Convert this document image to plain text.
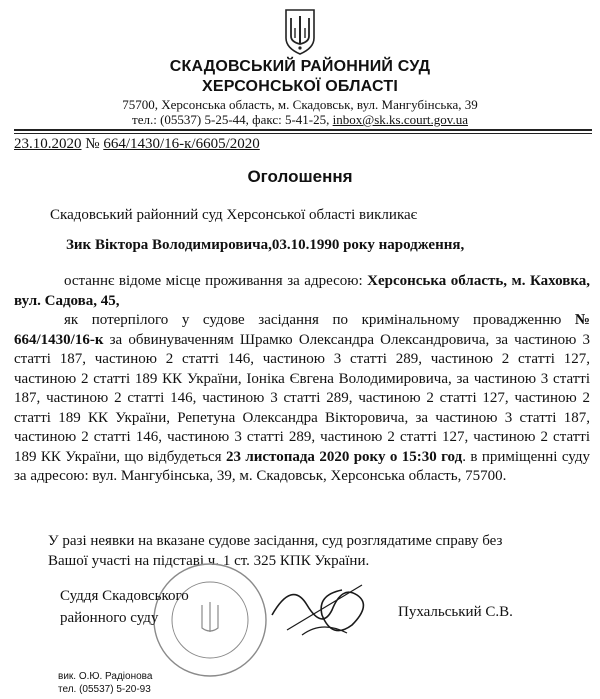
СКАДОВСЬКИЙ РАЙОННИЙ СУД
ХЕРСОНСЬКОЇ ОБЛАСТІ
75700, Херсонська область, м. Скадовськ, вул. Мангубінська, 39
тел.: (05537) 5-25-44, факс: 5-41-25, inbox@sk.ks.court.gov.ua
23.10.2020 № 664/1430/16-к/6605/2020
Оголошення
Скадовський районний суд Херсонської області викликає
Зик Віктора Володимировича,03.10.1990 року народження,
останнє відоме місце проживання за адресою: Херсонська область, м. Каховка, вул. Садова, 45,
як потерпілого у судове засідання по кримінальному провадженню № 664/1430/16-к за обвинуваченням Шрамко Олександра Олександровича, за частиною 3 статті 187, частиною 2 статті 146, частиною 3 статті 289, частиною 2 статті 127, частиною 2 статті 189 КК України, Іоніка Євгена Володимировича, за частиною 3 статті 187, частиною 2 статті 146, частиною 3 статті 289, частиною 2 статті 127, частиною 2 статті 189 КК України, Репетуна Олександра Вікторовича, за частиною 3 статті 187, частиною 2 статті 146, частиною 3 статті 289, частиною 2 статті 127, частиною 2 статті 189 КК України, що відбудеться 23 листопада 2020 року о 15:30 год. в приміщенні суду за адресою: вул. Мангубінська, 39, м. Скадовськ, Херсонська область, 75700.
У разі неявки на вказане судове засідання, суд розглядатиме справу без
Вашої участі на підставі ч. 1 ст. 325 КПК України.
Суддя Скадовського
районного суду	Пухальський С.В.
вик. О.Ю. Радіонова
тел. (05537) 5-20-93
